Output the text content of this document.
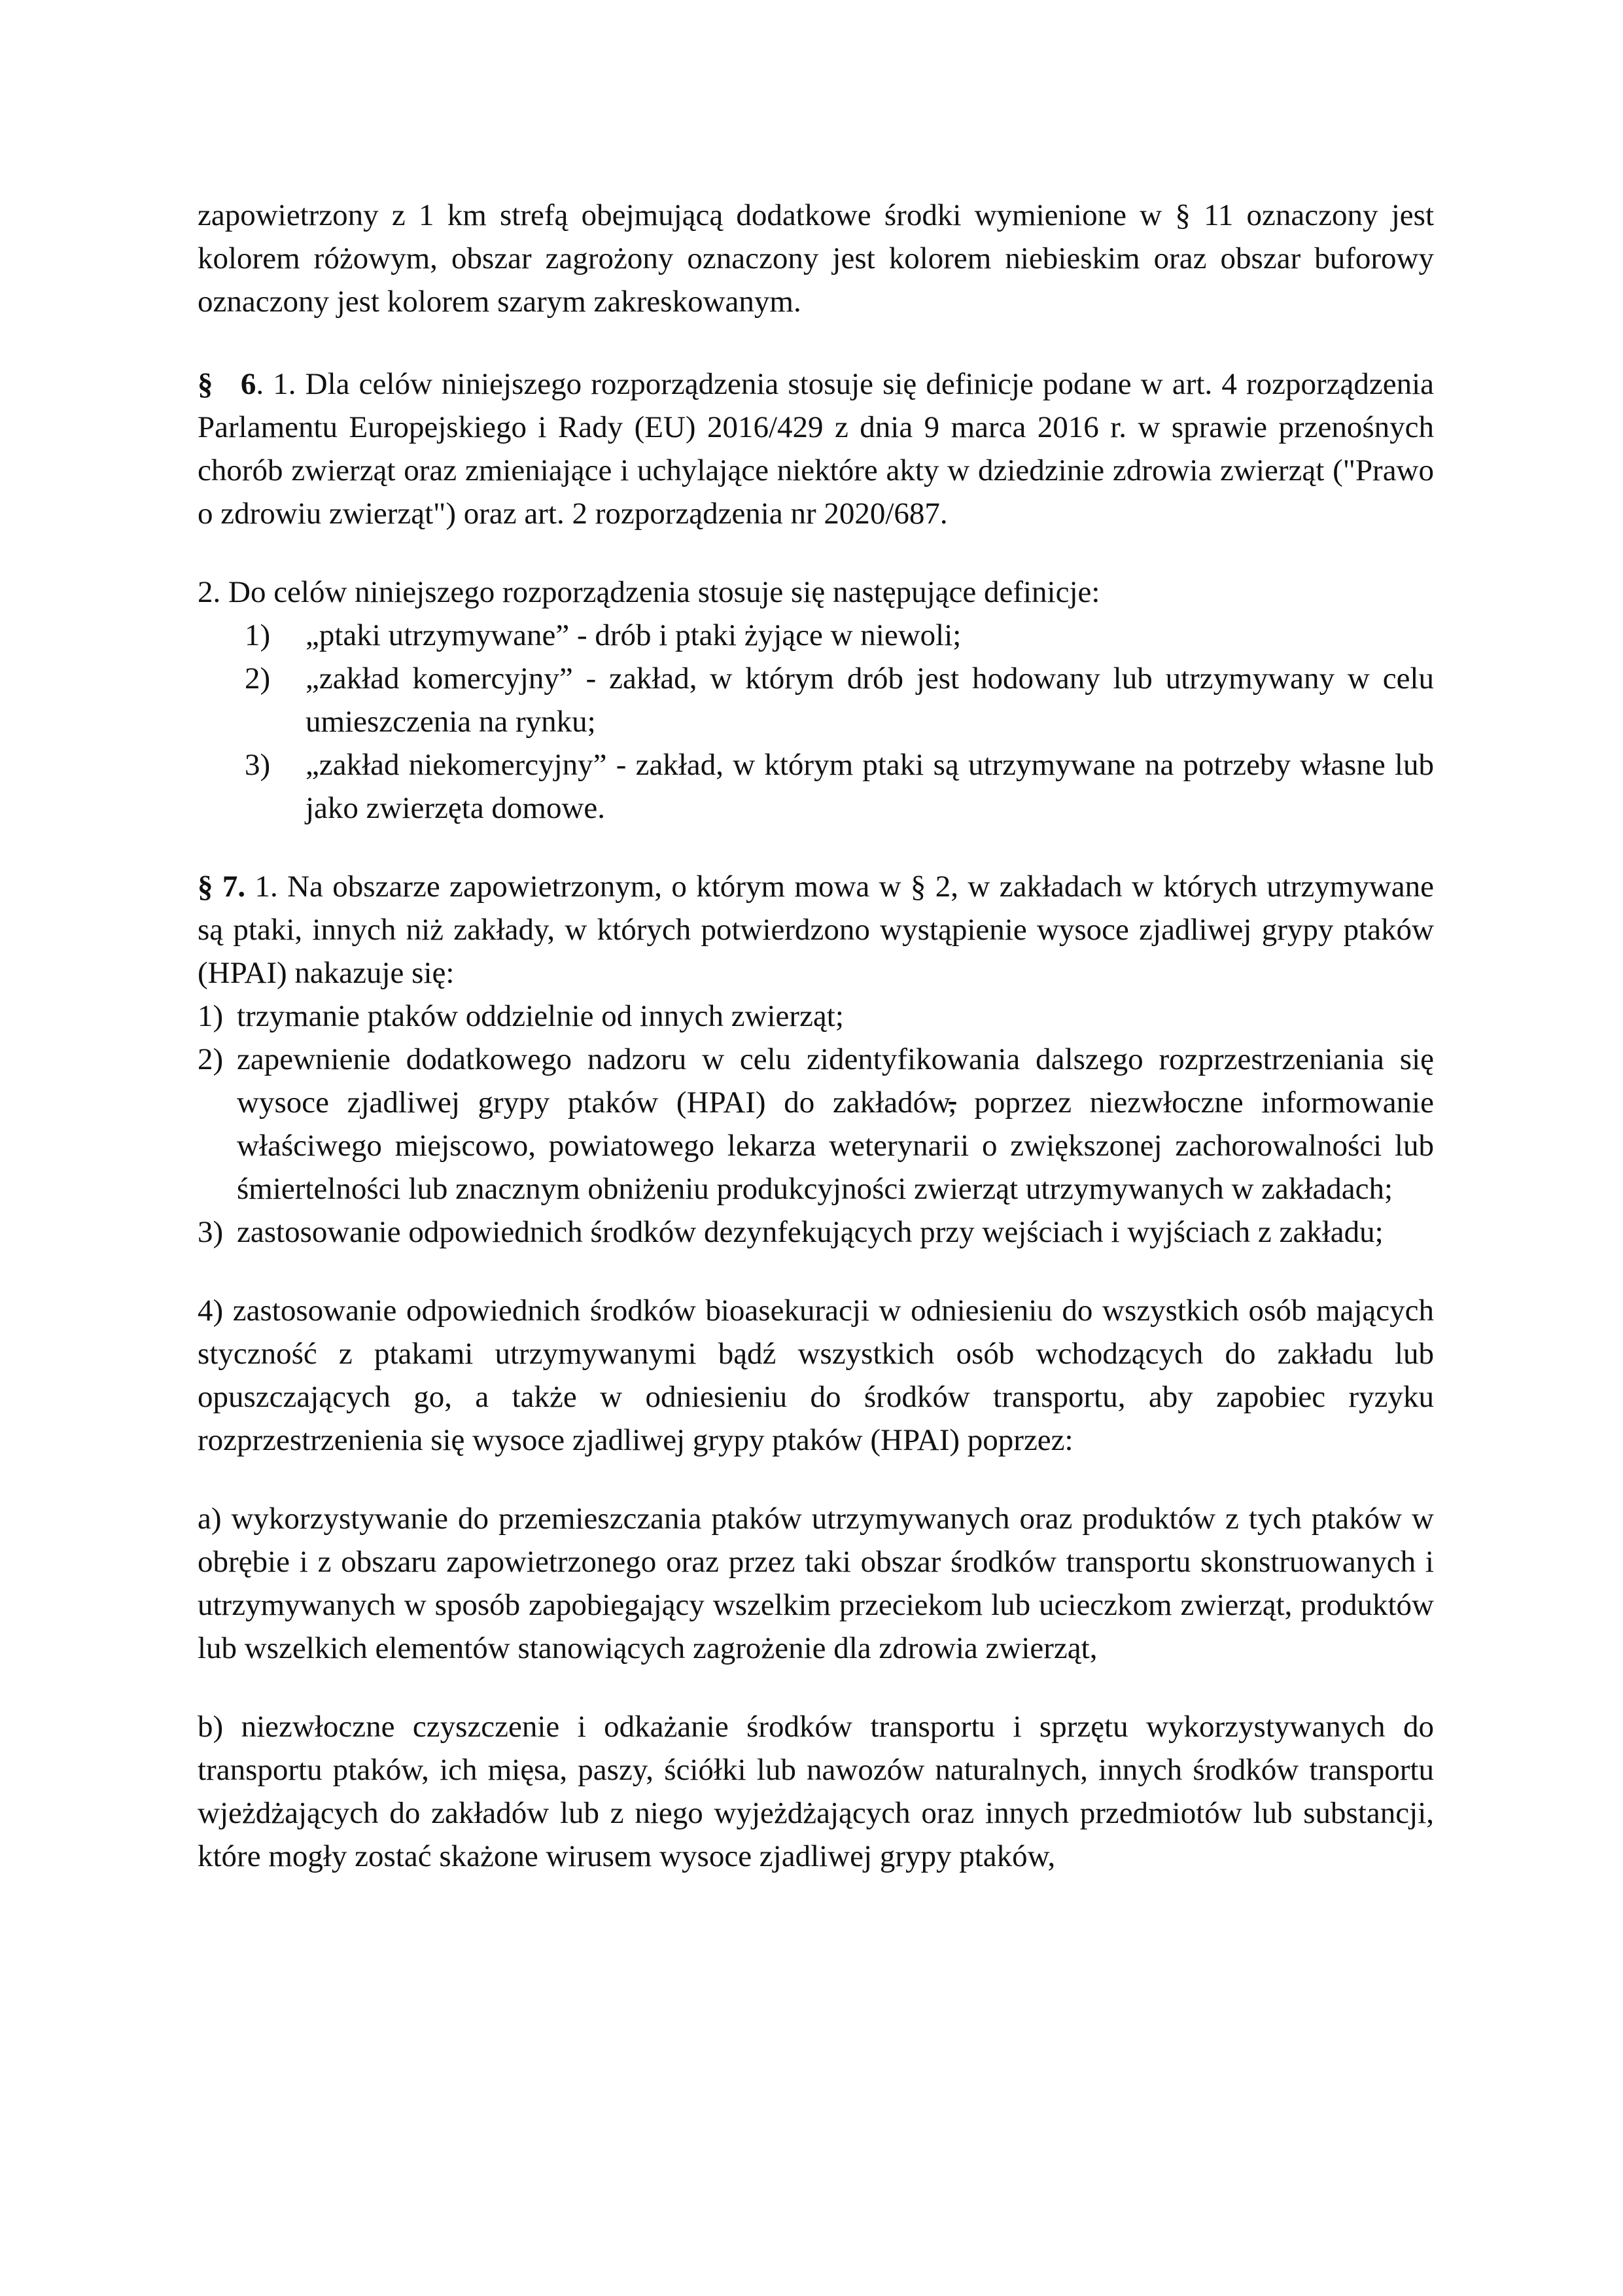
zapowietrzony z 1 km strefą obejmującą dodatkowe środki wymienione w § 11 oznaczony jest kolorem różowym, obszar zagrożony oznaczony jest kolorem niebieskim oraz obszar buforowy oznaczony jest kolorem szarym zakreskowanym.

§ 6. 1. Dla celów niniejszego rozporządzenia stosuje się definicje podane w art. 4 rozporządzenia Parlamentu Europejskiego i Rady (EU) 2016/429 z dnia 9 marca 2016 r. w sprawie przenośnych chorób zwierząt oraz zmieniające i uchylające niektóre akty w dziedzinie zdrowia zwierząt ("Prawo o zdrowiu zwierząt") oraz art. 2 rozporządzenia nr 2020/687.

2. Do celów niniejszego rozporządzenia stosuje się następujące definicje:

1) „ptaki utrzymywane” - drób i ptaki żyjące w niewoli;
2) „zakład komercyjny” - zakład, w którym drób jest hodowany lub utrzymywany w celu umieszczenia na rynku;
3) „zakład niekomercyjny” - zakład, w którym ptaki są utrzymywane na potrzeby własne lub jako zwierzęta domowe.

§ 7. 1. Na obszarze zapowietrzonym, o którym mowa w § 2, w zakładach w których utrzymywane są ptaki, innych niż zakłady, w których potwierdzono wystąpienie wysoce zjadliwej grypy ptaków (HPAI) nakazuje się:

1) trzymanie ptaków oddzielnie od innych zwierząt;
2) zapewnienie dodatkowego nadzoru w celu zidentyfikowania dalszego rozprzestrzeniania się wysoce zjadliwej grypy ptaków (HPAI) do zakładów, poprzez niezwłoczne informowanie właściwego miejscowo, powiatowego lekarza weterynarii o zwiększonej zachorowalności lub śmiertelności lub znacznym obniżeniu produkcyjności zwierząt utrzymywanych w zakładach;
3) zastosowanie odpowiednich środków dezynfekujących przy wejściach i wyjściach z zakładu;

4) zastosowanie odpowiednich środków bioasekuracji w odniesieniu do wszystkich osób mających styczność z ptakami utrzymywanymi bądź wszystkich osób wchodzących do zakładu lub opuszczających go, a także w odniesieniu do środków transportu, aby zapobiec ryzyku rozprzestrzenienia się wysoce zjadliwej grypy ptaków (HPAI) poprzez:

a) wykorzystywanie do przemieszczania ptaków utrzymywanych oraz produktów z tych ptaków w obrębie i z obszaru zapowietrzonego oraz przez taki obszar środków transportu skonstruowanych i utrzymywanych w sposób zapobiegający wszelkim przeciekom lub ucieczkom zwierząt, produktów lub wszelkich elementów stanowiących zagrożenie dla zdrowia zwierząt,

b) niezwłoczne czyszczenie i odkażanie środków transportu i sprzętu wykorzystywanych do transportu ptaków, ich mięsa, paszy, ściółki lub nawozów naturalnych, innych środków transportu wjeżdżających do zakładów lub z niego wyjeżdżających oraz innych przedmiotów lub substancji, które mogły zostać skażone wirusem wysoce zjadliwej grypy ptaków,
